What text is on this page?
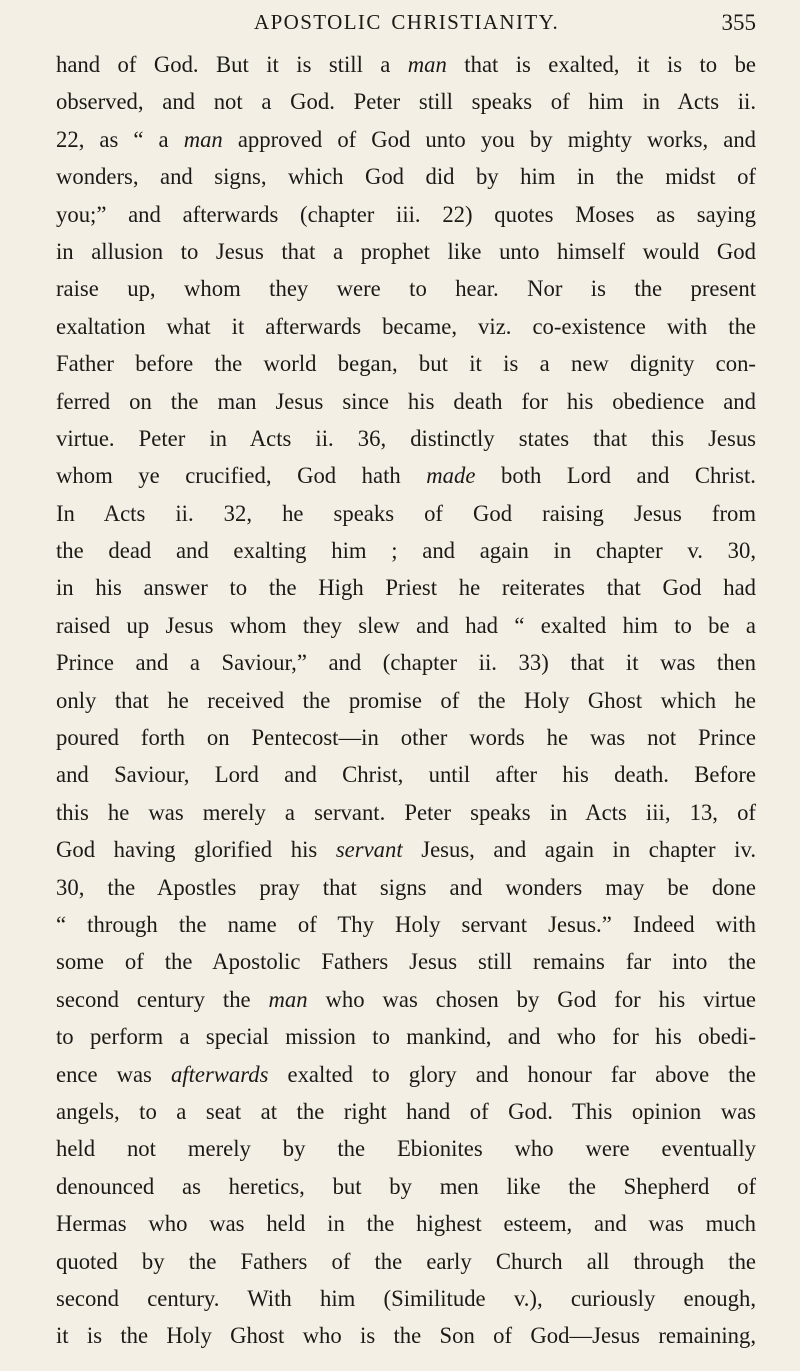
APOSTOLIC CHRISTIANITY.	355
hand of God. But it is still a man that is exalted, it is to be
observed, and not a God. Peter still speaks of him in Acts ii.
22, as “ a man approved of God unto you by mighty works, and
wonders, and signs, which God did by him in the midst of
you;” and afterwards (chapter iii. 22) quotes Moses as saying
in allusion to Jesus that a prophet like unto himself would God
raise up, whom they were to hear. Nor is the present
exaltation what it afterwards became, viz. co-existence with the
Father before the world began, but it is a new dignity con-
ferred on the man Jesus since his death for his obedience and
virtue. Peter in Acts ii. 36, distinctly states that this Jesus
whom ye crucified, God hath made both Lord and Christ.
In Acts ii. 32, he speaks of God raising Jesus from
the dead and exalting him ; and again in chapter v. 30,
in his answer to the High Priest he reiterates that God had
raised up Jesus whom they slew and had “ exalted him to be a
Prince and a Saviour,” and (chapter ii. 33) that it was then
only that he received the promise of the Holy Ghost which he
poured forth on Pentecost—in other words he was not Prince
and Saviour, Lord and Christ, until after his death. Before
this he was merely a servant. Peter speaks in Acts iii, 13, of
God having glorified his servant Jesus, and again in chapter iv.
30, the Apostles pray that signs and wonders may be done
“ through the name of Thy Holy servant Jesus.” Indeed with
some of the Apostolic Fathers Jesus still remains far into the
second century the man who was chosen by God for his virtue
to perform a special mission to mankind, and who for his obedi-
ence was afterwards exalted to glory and honour far above the
angels, to a seat at the right hand of God. This opinion was
held not merely by the Ebionites who were eventually
denounced as heretics, but by men like the Shepherd of
Hermas who was held in the highest esteem, and was much
quoted by the Fathers of the early Church all through the
second century. With him (Similitude v.), curiously enough,
it is the Holy Ghost who is the Son of God—Jesus remaining,
